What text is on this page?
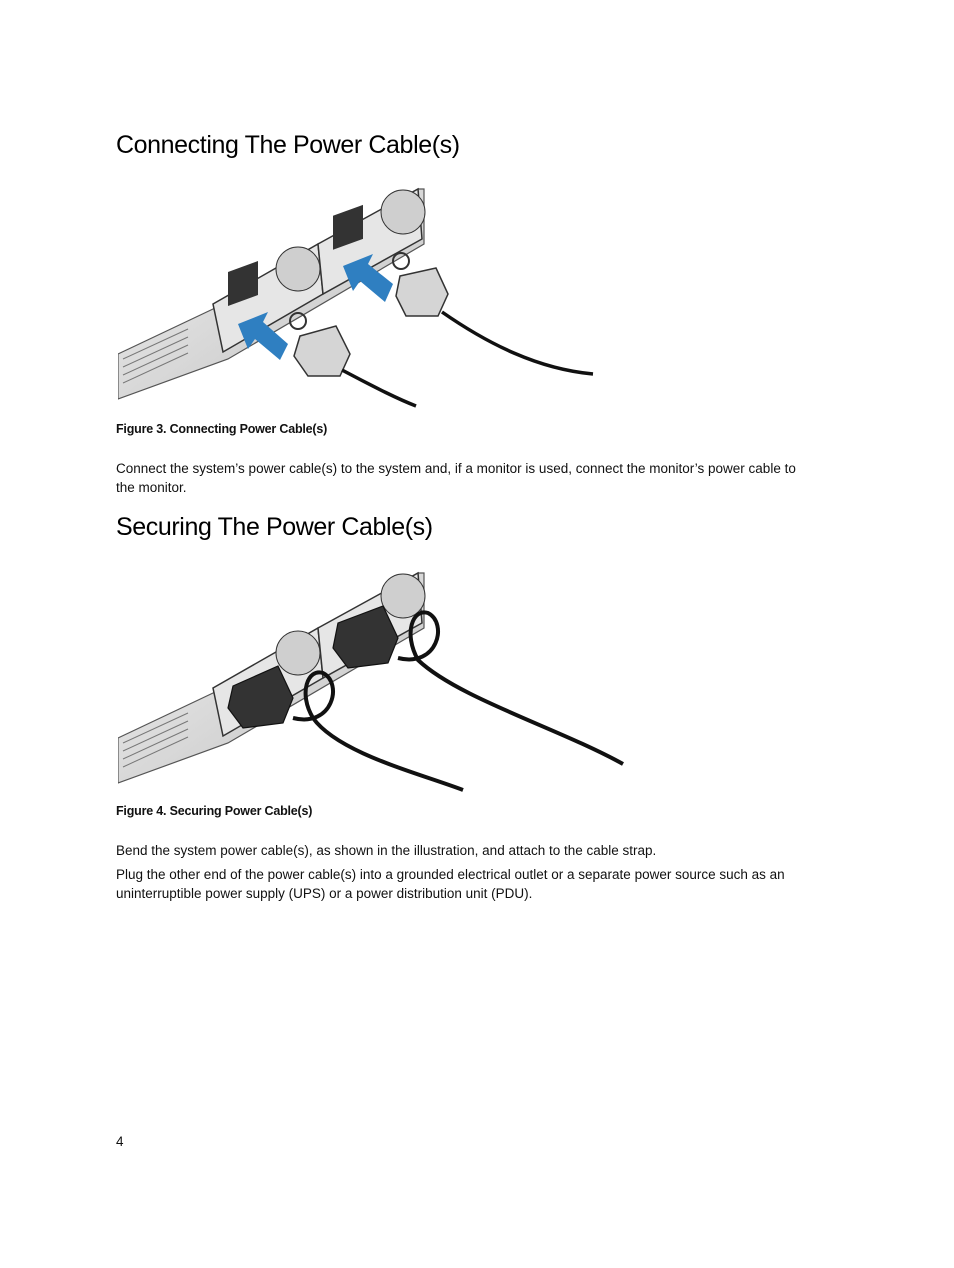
Connecting The Power Cable(s)
Figure 3. Connecting Power Cable(s)

Connect the system’s power cable(s) to the system and, if a monitor is used, connect the monitor’s power cable to the monitor.

Securing The Power Cable(s)
Figure 4. Securing Power Cable(s)

Bend the system power cable(s), as shown in the illustration, and attach to the cable strap.

Plug the other end of the power cable(s) into a grounded electrical outlet or a separate power source such as an uninterruptible power supply (UPS) or a power distribution unit (PDU).

4
